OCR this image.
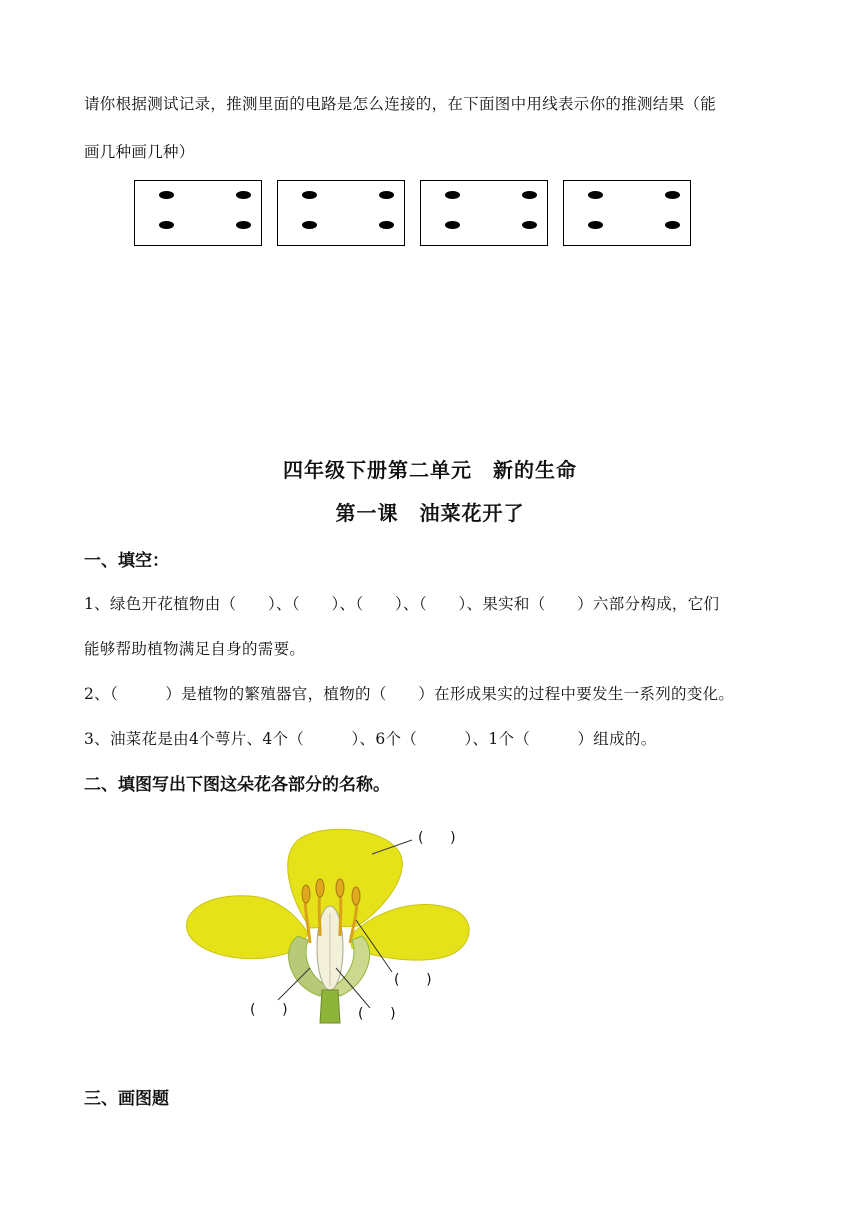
请你根据测试记录，推测里面的电路是怎么连接的，在下面图中用线表示你的推测结果（能
画几种画几种）
四年级下册第二单元　新的生命
第一课　油菜花开了
一、填空：
1、绿色开花植物由（　　）、（　　）、（　　）、（　　）、果实和（　　）六部分构成，它们
能够帮助植物满足自身的需要。
2、（　　　）是植物的繁殖器官，植物的（　　）在形成果实的过程中要发生一系列的变化。
3、油菜花是由4个萼片、4个（　　　）、6个（　　　）、1个（　　　）组成的。
二、填图写出下图这朵花各部分的名称。
(      )
(      )
(      )	(      )
三、画图题
